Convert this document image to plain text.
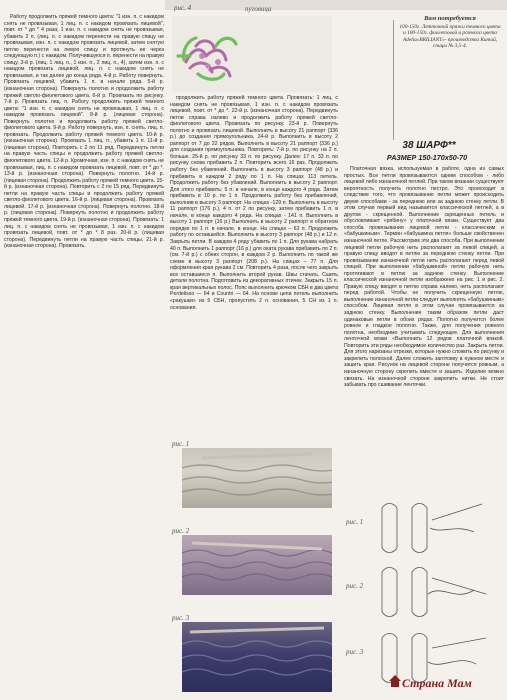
Работу продолжить пряжей темного цвета: "1 изн. п. с накидом снять не провязывая, 1 лиц. п. с накидом провязать лицевой", повт. от * до * 4 раза; 1 изн. п. с накидом снять не провязывая, убавить 2 п. (лиц. п. с накидом перенести на правую спицу не провязывая, изн. п. с накидом провязать лицевой, затем снятую петлю перенести на левую спицу и протянуть ее через следующую п.) с накидом. Получившуюся п. перенести на правую спицу. 3-й р. (лиц. 1 лиц. п., 1 изн. п., 2 лиц. п., 4), затем изн. п. с накидом провязать лицевой, лиц. п. с накидом снять не провязывая, и так далее до конца ряда. 4-й р. Работу повернуть. Провязать лицевой, убавить 1 п. в начале ряда. 5-й р. (изнаночная сторона). Повернуть полотно и продолжить работу пряжей светло-фиолетового цвета. 6-й р. Провязать по рисунку. 7-й р. Провязать лиц. п. Работу продолжить пряжей темного цвета: "1 изн. п. с накидом снять не провязывая, 1 лиц. п. с накидом провязать лицевой". 8-й р. (лицевая сторона). Повернуть полотно и продолжить работу пряжей светло-фиолетового цвета. 9-й р. Работу повернуть, изн. п. снять, лиц. п. провязать. Продолжить работу пряжей темного цвета. 10-й р. (изнаночная сторона). Провязать 1 лиц. п., убавить 1 п. 11-й р. (лицевая сторона). Повторить с 2 по 11 ряд. Передвинуть петли на правую часть спицы и продолжить работу пряжей светло-фиолетового цвета. 12-й р. Кромочная, изн. п. с накидом снять не провязывая, лиц. п. с накидом провязать лицевой, повт. от * до *. 13-й р. (изнаночная сторона). Повернуть полотно. 14-й р. (лицевая сторона). Продолжить работу пряжей темного цвета. 15-й р. (изнаночная сторона). Повторить с 2 по 15 ряд. Передвинуть петли на правую часть спицы и продолжить работу пряжей светло-фиолетового цвета. 16-й р. (лицевая сторона). Провязать лицевой. 17-й р. (изнаночная сторона). Повернуть полотно. 18-й р. (лицевая сторона). Повернуть полотно и продолжить работу пряжей темного цвета. 19-й р. (изнаночная сторона). Провязать: 1 лиц. п. с накидом снять не провязывая, 1 изн. п. с накидом провязать лицевой, повт. от * до * 8 раз. 20-й р. (лицевая сторона). Передвинуть петли на правую часть спицы. 21-й р. (изнаночная сторона). Провязать.

рис. 4	пуговица
Вам потребуется
100-150г. Летточной пряжи темного цвета и 100-150г. фиолетовой и розового цвета Adelia»BRILIANT»- производства Китай, спицы № 3,5-4.
38 ШАРФ**
РАЗМЕР 150-170х50-70

продолжить работу пряжей темного цвета. Провязать: 1 лиц. с накидом снять не провязывая, 1 изн. п. с накидом провязать лицевой, повт. от * до *. 22-й р. (изнаночная сторона). Передвинуть петли справа налево и продолжить работу пряжей светло-фиолетового цвета. Провязать по рисунку. 23-й р. Повернуть полотно и провязать лицевой. Выполнить в высоту 21 раппорт (336 р.) до создания прямоугольника, 24-й р. Выполнить в высоту 2 раппорт от 7 до 22 рядов. Выполнить в высоту 21 раппорт (336 р.) для создания прямоугольника. Повторить: 7-й р. по рисунку на 2 п. больше. 25-й р. по рисунку 33 п. по рисунку. Далее: 17 п. 33 п. по рисунку снова прибавить 2 п. Повторить всего 16 раз. Продолжить работу без убавлений. Выполнить в высоту 3 раппорт (48 р.) и прибавить в каждом 2 ряду по 1 п. На спицах 113 петель. Продолжить работу без убавлений. Выполнить в высоту 2 раппорт. Для этого прибавить: 5 п. в начале, в конце каждого 4 ряда. Затем прибавить в 10 р. по 1 п. Продолжить работу без прибавлений, выполнив в высоту 3 раппорт. На спицах -129 п. Выполнить в высоту 11 раппорт (176 р.), 4 п. от 2 по рисунку, затем прибавить 1 п. в начале, в конце каждого 4 ряда. На спицах - 141 п. Выполнить в высоту 1 раппорт (16 р.) Выполнить в высоту 2 раппорт в обратном порядке по 1 п. в начале, в конце. На спицах – 63 п. Продолжить работу по оставшейся. Выполнить в высоту 3 раппорт (48 р.) и 12 п. Закрыть петли. В каждом 4 ряду убавить по 1 п. Для рукава набрать 40 п. Выполнить 1 раппорт (16 р.) для оката рукава прибавить по 2 п. (см. 7-й р.) с обеих сторон, в каждом 2 р. Выполнить по такой же схеме в высоту 3 раппорт (208 р.). На спицах – 77 п. Для оформления края рукава 2 см. Повторить 4 раза, после чего закрыть все оставшиеся п. Выполнить второй рукав. Швы стачать. Сшить детали полотна. Подготовить из декоративных птичек. Закрыть 15 п. края вертикальных полос. Пояс выполнить крючком СБН в два цвета Perdelisso — 64 и Countri — 64. На основе цепи петель выполнить «ракушки» из 5 СБН, пропустить 2 п. основания, 5 СН из 1 п. основания.

Платочная вязка, используемая в работе, одна из самых простых. Все петли провязываются одним способом - либо лицевой либо изнаночной петлей. При таком вязании существуют вероятность получить полотно пестро. Это происходит в следствие того, что провязывание петли может происходить двумя способами - за переднюю или за заднюю стенку петли. В этом случае первый вид называется классической петлей, а в другом - скрещенной. Выполнение скрещенных петель и обусловливает «рябину» у платочной вязки. Существует два способа провязывания лицевой петли - классическим и «бабушкиным». Термин «бабушкина петля» больше свойственен изнаночной петле. Рассмотрим эти два способа. При выполнении лицевой петли рабочую нить располагают за левой спицей, а правую спицу вводят в петлю за переднюю стенку петли. При провязывании изнаночной петли нить располагают перед левой спицей. При выполнении «бабушкиной» петли рабочую нить протягивают в петлю за заднюю стенку. Выполнение классической изнаночной петли изображено на рис. 1 и рис. 2. Правую спицу вводят в петлю справа налево, нить располагают перед работой. Чтобы не получить скрещенную петлю, выполнение изнаночной петли следует выполнять «бабушкиным» способом. Лицевая петля в этом случае провязывается за заднюю стенку. Выполнение таким образом петли даст одинаковые петли в обоих рядах. Полотно получится более ровное и гладкое полотно. Также, для получения ровного полотна, необходимо учитывать следующее. Для выполнения ленточной вязки «Выполнить 12 рядов платочной вязкой. Повторить эти ряды необходимое количество раз. Закрыть петли. Для этого нарезаны отрезки, которые нужно сложить по рисунку и закрепить полоской. Далее сложить заготовку в нужном месте и зашить края. Рисунок на лицевой стороне получится ровным, а изнаночную сторону скрепить вместе и зашить. Изделие можно связать. На изнаночной стороне закрепить нитки. Не стоит забывать про сшивание ленточки.

рис. 1
рис. 2
рис. 3
рис. 1
рис. 2
рис. 3
Страна Мам
